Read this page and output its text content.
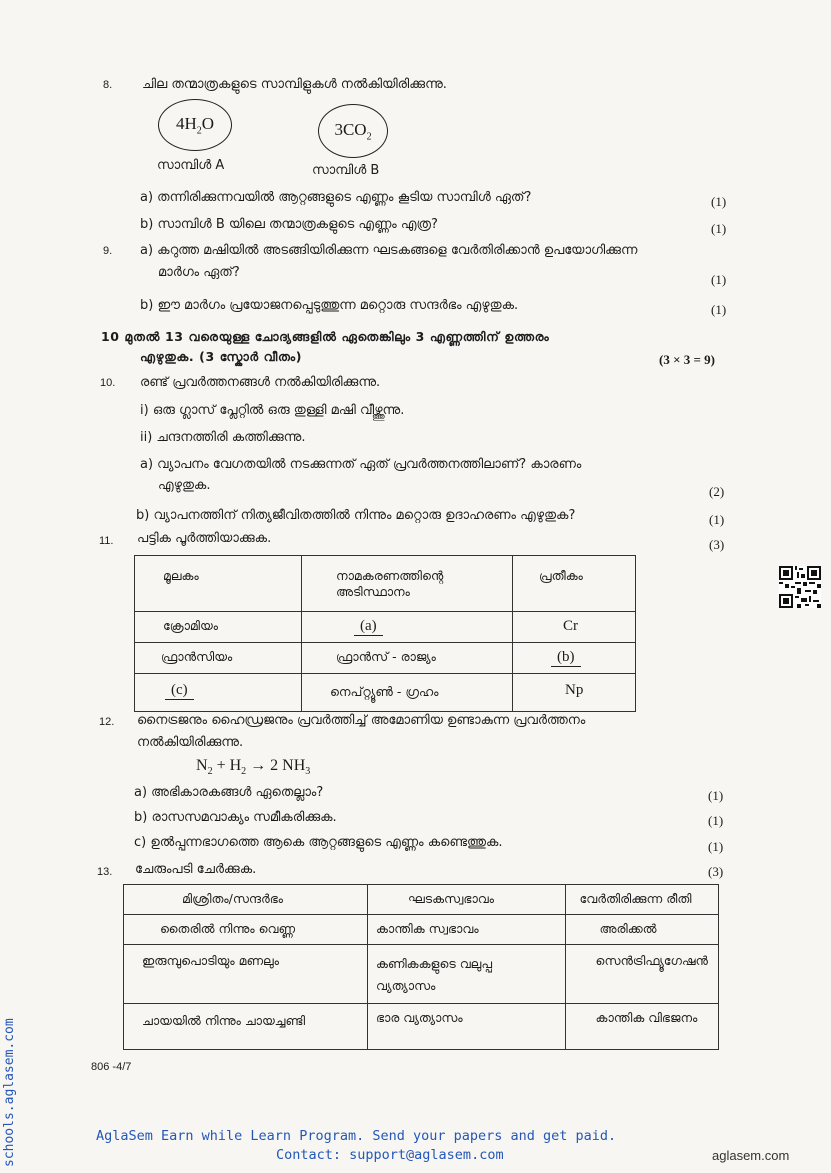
8. ചില തന്മാത്രകളുടെ സാമ്പിളുകൾ നൽകിയിരിക്കുന്നു.
$4H_2O$	$3CO_2$
സാമ്പിൾ A	സാമ്പിൾ B
a) തന്നിരിക്കുന്നവയിൽ ആറ്റങ്ങളുടെ എണ്ണം കൂടിയ സാമ്പിൾ ഏത്?	(1)
b) സാമ്പിൾ B യിലെ തന്മാത്രകളുടെ എണ്ണം എത്ര?	(1)
9. a) കറുത്ത മഷിയിൽ അടങ്ങിയിരിക്കുന്ന ഘടകങ്ങളെ വേർതിരിക്കാൻ ഉപയോഗിക്കുന്ന
മാർഗം ഏത്?	(1)
b) ഈ മാർഗം പ്രയോജനപ്പെടുത്തുന്ന മറ്റൊരു സന്ദർഭം എഴുതുക.	(1)
10 മുതൽ 13 വരെയുള്ള ചോദ്യങ്ങളിൽ ഏതെങ്കിലും 3 എണ്ണത്തിന് ഉത്തരം
എഴുതുക. (3 സ്കോർ വീതം)	(3 × 3 = 9)
10. രണ്ട് പ്രവർത്തനങ്ങൾ നൽകിയിരിക്കുന്നു.
i) ഒരു ഗ്ലാസ് പ്ലേറ്റിൽ ഒരു തുള്ളി മഷി വീഴ്ത്തുന്നു.
ii) ചന്ദനത്തിരി കത്തിക്കുന്നു.
a) വ്യാപനം വേഗതയിൽ നടക്കുന്നത് ഏത് പ്രവർത്തനത്തിലാണ്? കാരണം
എഴുതുക.	(2)
b) വ്യാപനത്തിന് നിത്യജീവിതത്തിൽ നിന്നും മറ്റൊരു ഉദാഹരണം എഴുതുക?	(1)
11. പട്ടിക പൂർത്തിയാക്കുക.	(3)
മൂലകം	നാമകരണത്തിന്റെ അടിസ്ഥാനം	പ്രതീകം
ക്രോമിയം	(a)	Cr
ഫ്രാൻസിയം	ഫ്രാൻസ് - രാജ്യം	(b)
(c)	നെപ്റ്റ്യൂൺ - ഗ്രഹം	Np
12. നൈട്രജനും ഹൈഡ്രജനും പ്രവർത്തിച്ച് അമോണിയ ഉണ്ടാകുന്ന പ്രവർത്തനം
നൽകിയിരിക്കുന്നു.
$N_2 + H_2 \to 2$ $NH_3$
a) അഭികാരകങ്ങൾ ഏതെല്ലാം?	(1)
b) രാസസമവാക്യം സമീകരിക്കുക.	(1)
c) ഉൽപ്പന്നഭാഗത്തെ ആകെ ആറ്റങ്ങളുടെ എണ്ണം കണ്ടെത്തുക.	(1)
13. ചേരുംപടി ചേർക്കുക.	(3)
മിശ്രിതം/സന്ദർഭം	ഘടകസ്വഭാവം	വേർതിരിക്കുന്ന രീതി
തൈരിൽ നിന്നും വെണ്ണ	കാന്തിക സ്വഭാവം	അരിക്കൽ
ഇരുമ്പുപൊടിയും മണലും	കണികകളുടെ വലുപ്പ വ്യത്യാസം	സെൻട്രിഫ്യൂഗേഷൻ
ചായയിൽ നിന്നും ചായച്ചണ്ടി	ഭാര വ്യത്യാസം	കാന്തിക വിഭജനം
806 -4/7
AglaSem Earn while Learn Program. Send your papers and get paid.
Contact: support@aglasem.com	aglasem.com
schools.aglasem.com
